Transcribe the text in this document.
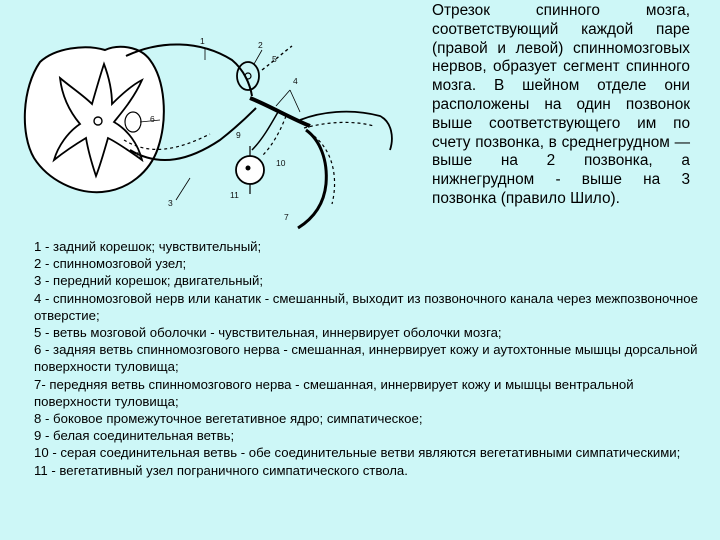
1	2
3
4
5
6
7
8
9
10
11

Отрезок спинного мозга, соответствующий каждой паре (правой и левой) спинномозговых нервов, образует сегмент спинного мозга. В шейном отделе они расположены на один позвонок выше соответствующего им по счету позвонка, в среднегрудном — выше на 2 позвонка, а нижнегрудном - выше на 3 позвонка (правило Шило).

1 - задний корешок; чувствительный;

2 - спинномозговой узел;

3 - передний корешок; двигательный;

4 - спинномозговой нерв или канатик - смешанный, выходит из позвоночного канала через межпозвоночное отверстие;

5 - ветвь мозговой оболочки - чувствительная, иннервирует оболочки мозга;

6 - задняя ветвь спинномозгового нерва - смешанная, иннервирует кожу и аутохтонные мышцы дорсальной поверхности туловища;

7- передняя ветвь спинномозгового нерва - смешанная, иннервирует кожу и мышцы вентральной поверхности туловища;

8 - боковое промежуточное вегетативное ядро; симпатическое;

9 - белая соединительная ветвь;

10 - серая соединительная ветвь - обе соединительные ветви являются вегетативными симпатическими;

11 - вегетативный узел пограничного симпатического ствола.
